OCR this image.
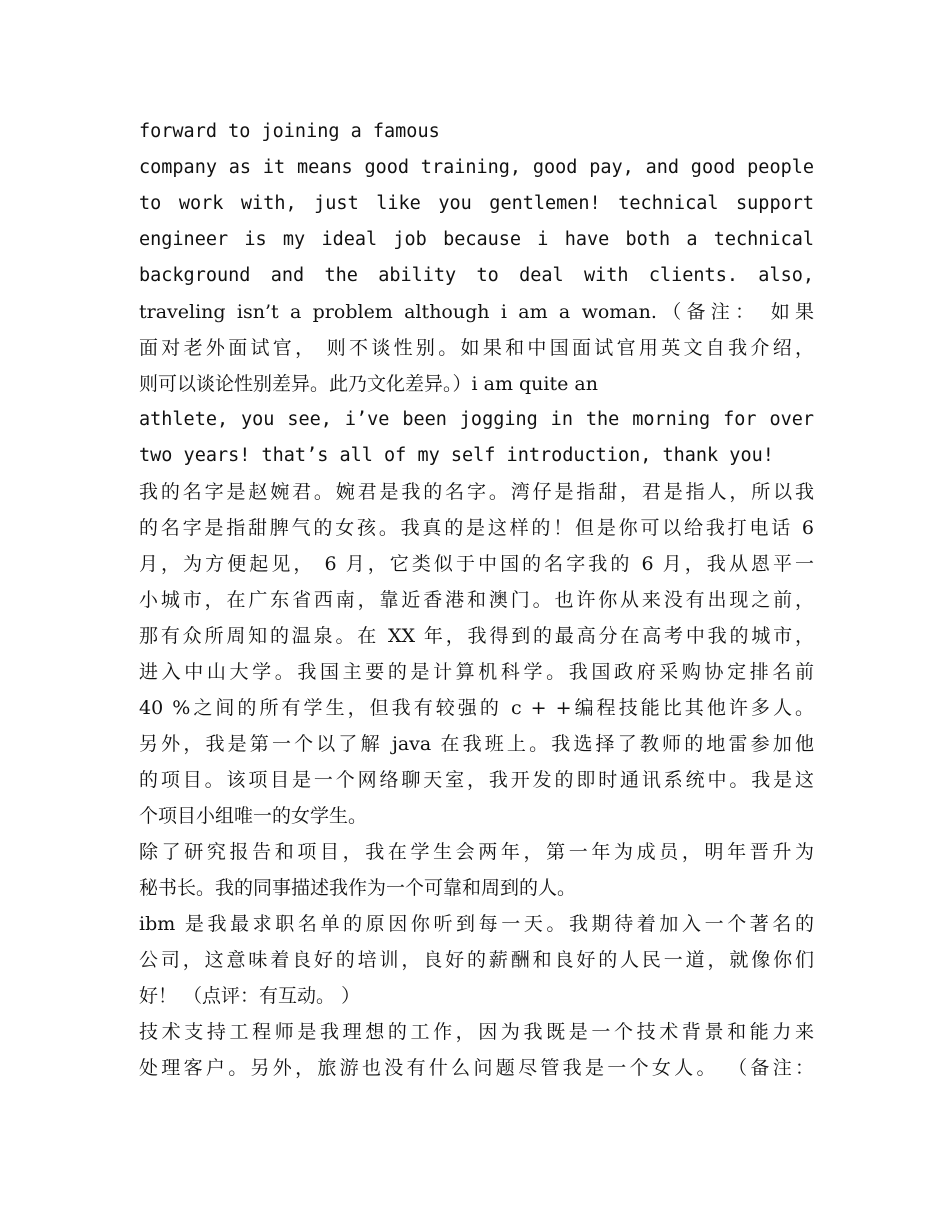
forward to joining a famous
company as it means good training, good pay, and good people
to work with, just like you gentlemen! technical support
engineer is my ideal job because i have both a technical
background and the ability to deal with clients. also,
traveling isn’t a problem although i am a woman.（备注： 如果
面对老外面试官， 则不谈性别。如果和中国面试官用英文自我介绍，
则可以谈论性别差异。此乃文化差异。）i am quite an
athlete, you see, i’ve been jogging in the morning for over
two years! that’s all of my self introduction, thank you!
我的名字是赵婉君。婉君是我的名字。湾仔是指甜，君是指人，所以我
的名字是指甜脾气的女孩。我真的是这样的！但是你可以给我打电话 6
月，为方便起见， 6 月，它类似于中国的名字我的 6 月，我从恩平一
小城市，在广东省西南，靠近香港和澳门。也许你从来没有出现之前，
那有众所周知的温泉。在 XX 年，我得到的最高分在高考中我的城市，
进入中山大学。我国主要的是计算机科学。我国政府采购协定排名前
40 %之间的所有学生，但我有较强的 c + +编程技能比其他许多人。
另外，我是第一个以了解 java 在我班上。我选择了教师的地雷参加他
的项目。该项目是一个网络聊天室，我开发的即时通讯系统中。我是这
个项目小组唯一的女学生。
除了研究报告和项目，我在学生会两年，第一年为成员，明年晋升为
秘书长。我的同事描述我作为一个可靠和周到的人。
ibm 是我最求职名单的原因你听到每一天。我期待着加入一个著名的
公司，这意味着良好的培训，良好的薪酬和良好的人民一道，就像你们
好！ （点评：有互动。 ）
技术支持工程师是我理想的工作，因为我既是一个技术背景和能力来
处理客户。另外，旅游也没有什么问题尽管我是一个女人。 （备注：
